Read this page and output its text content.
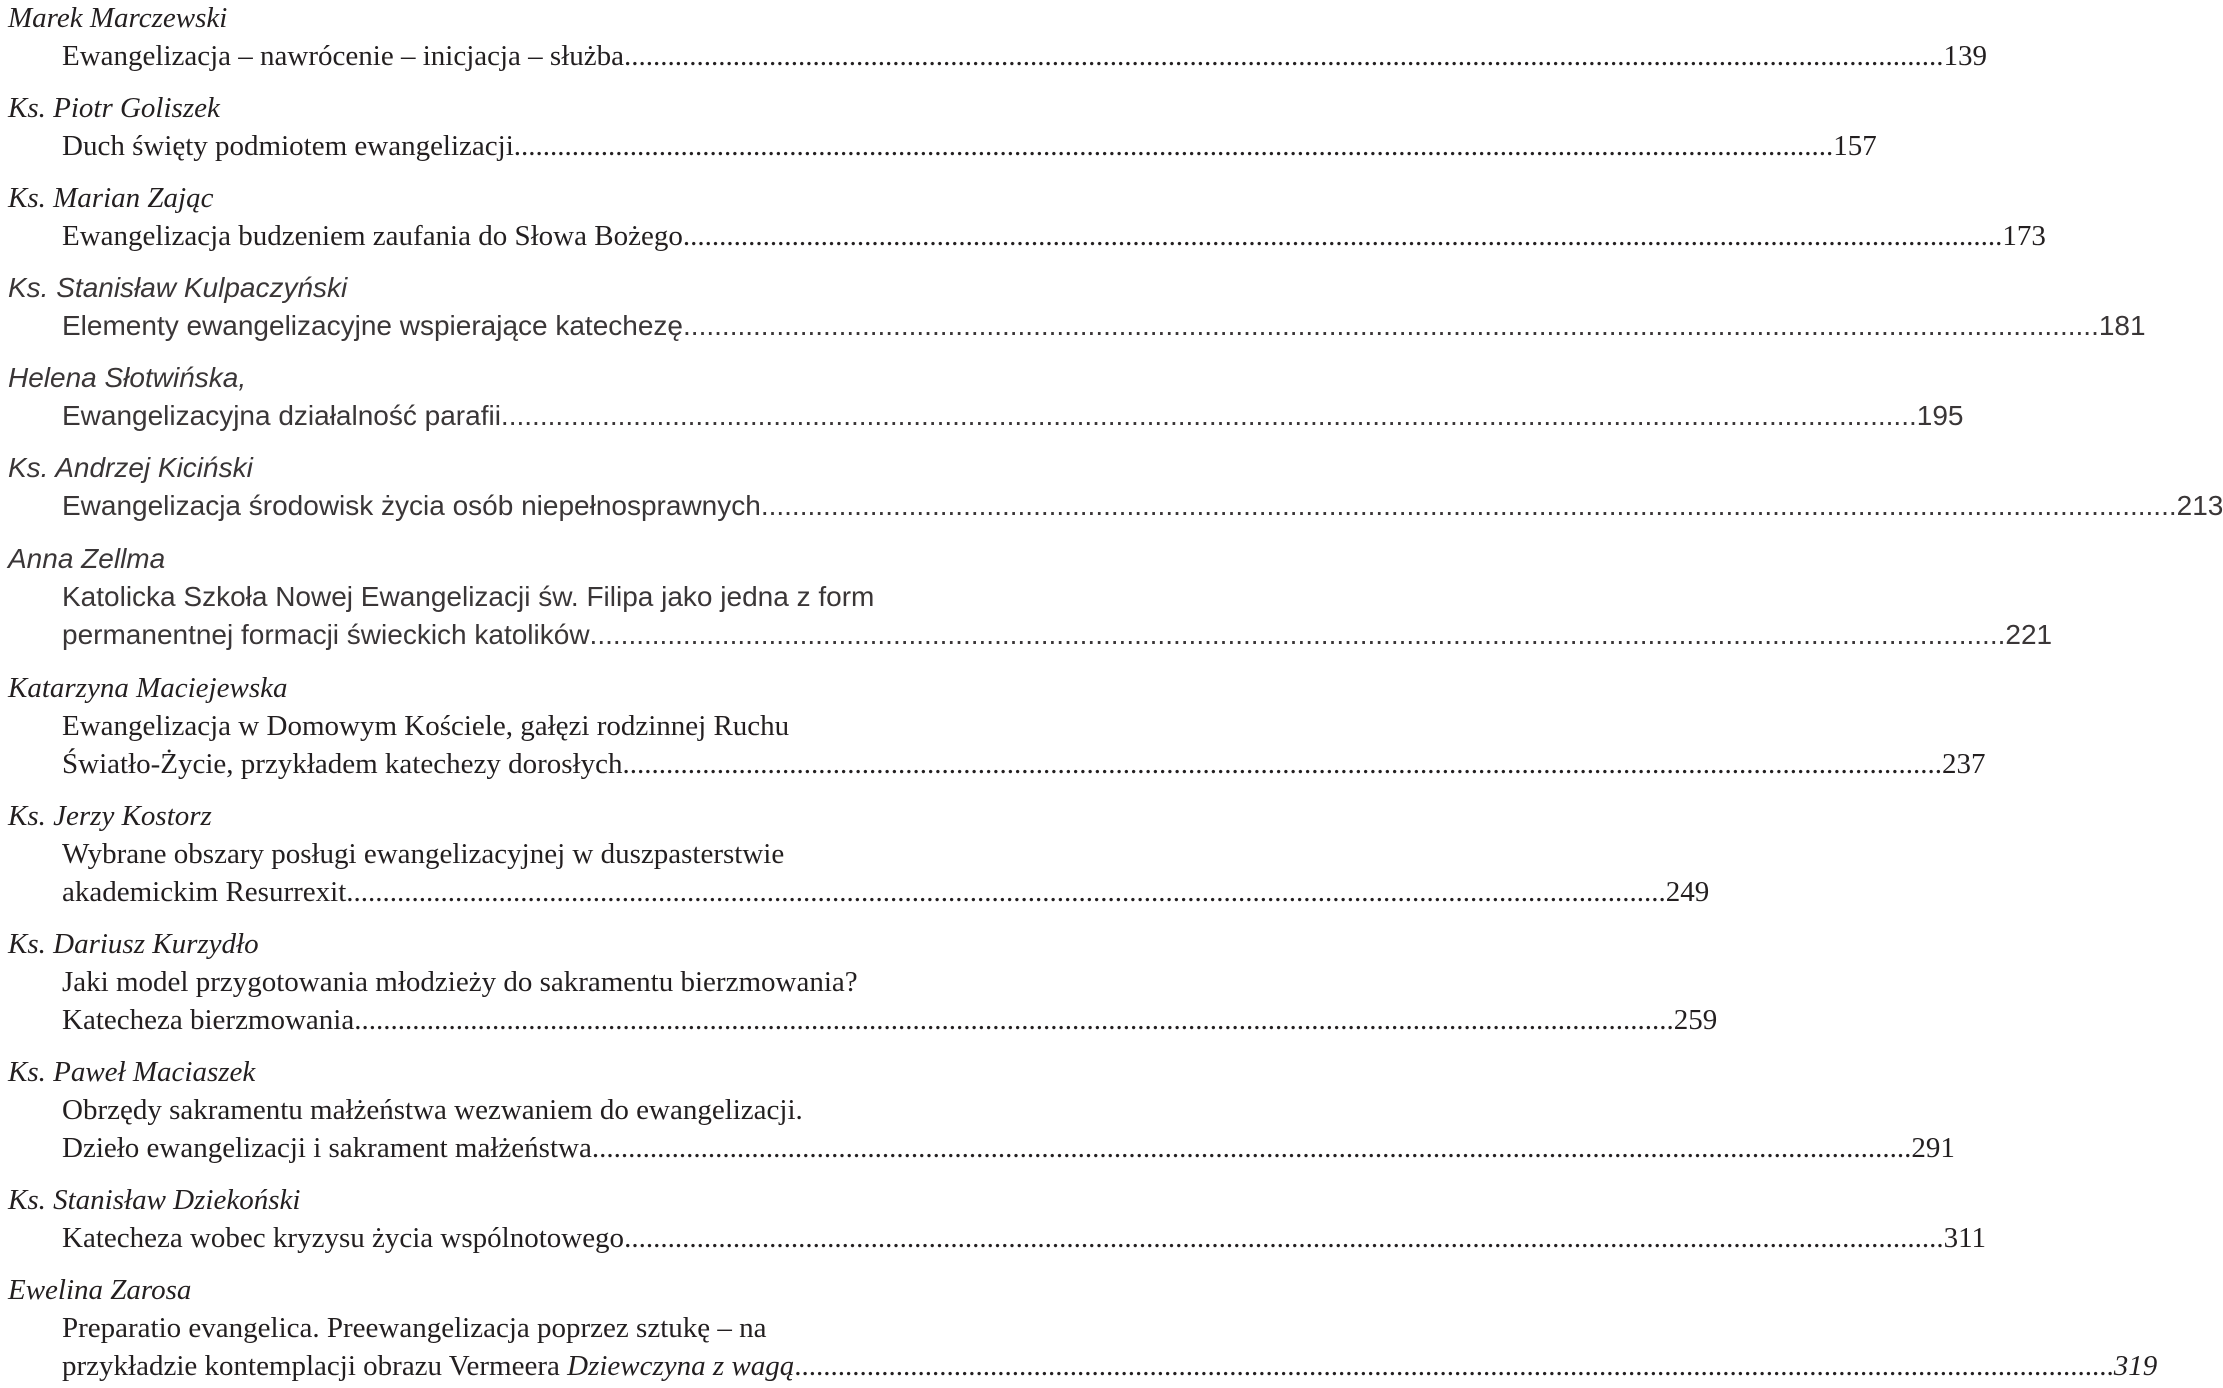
Marek Marczewski
Ewangelizacja – nawrócenie – inicjacja – służba ...................................................................................................................................................................................... 139
Ks. Piotr Goliszek
Duch święty podmiotem ewangelizacji ...................................................................................................................................................................................... 157
Ks. Marian Zając
Ewangelizacja budzeniem zaufania do Słowa Bożego ...................................................................................................................................................................................... 173
Ks. Stanisław Kulpaczyński
Elementy ewangelizacyjne wspierające katechezę ...................................................................................................................................................................................... 181
Helena Słotwińska,
Ewangelizacyjna działalność parafii ...................................................................................................................................................................................... 195
Ks. Andrzej Kiciński
Ewangelizacja środowisk życia osób niepełnosprawnych ...................................................................................................................................................................................... 213
Anna Zellma
Katolicka Szkoła Nowej Ewangelizacji św. Filipa jako jedna z form
permanentnej formacji świeckich katolików ...................................................................................................................................................................................... 221
Katarzyna Maciejewska
Ewangelizacja w Domowym Kościele, gałęzi rodzinnej Ruchu
Światło-Życie, przykładem katechezy dorosłych ...................................................................................................................................................................................... 237
Ks. Jerzy Kostorz
Wybrane obszary posługi ewangelizacyjnej w duszpasterstwie
akademickim Resurrexit ...................................................................................................................................................................................... 249
Ks. Dariusz Kurzydło
Jaki model przygotowania młodzieży do sakramentu bierzmowania?
Katecheza bierzmowania ...................................................................................................................................................................................... 259
Ks. Paweł Maciaszek
Obrzędy sakramentu małżeństwa wezwaniem do ewangelizacji.
Dzieło ewangelizacji i sakrament małżeństwa ...................................................................................................................................................................................... 291
Ks. Stanisław Dziekoński
Katecheza wobec kryzysu życia wspólnotowego ...................................................................................................................................................................................... 311
Ewelina Zarosa
Preparatio evangelica. Preewangelizacja poprzez sztukę – na
przykładzie kontemplacji obrazu Vermeera Dziewczyna z wagą ...................................................................................................................................................................................... 319
